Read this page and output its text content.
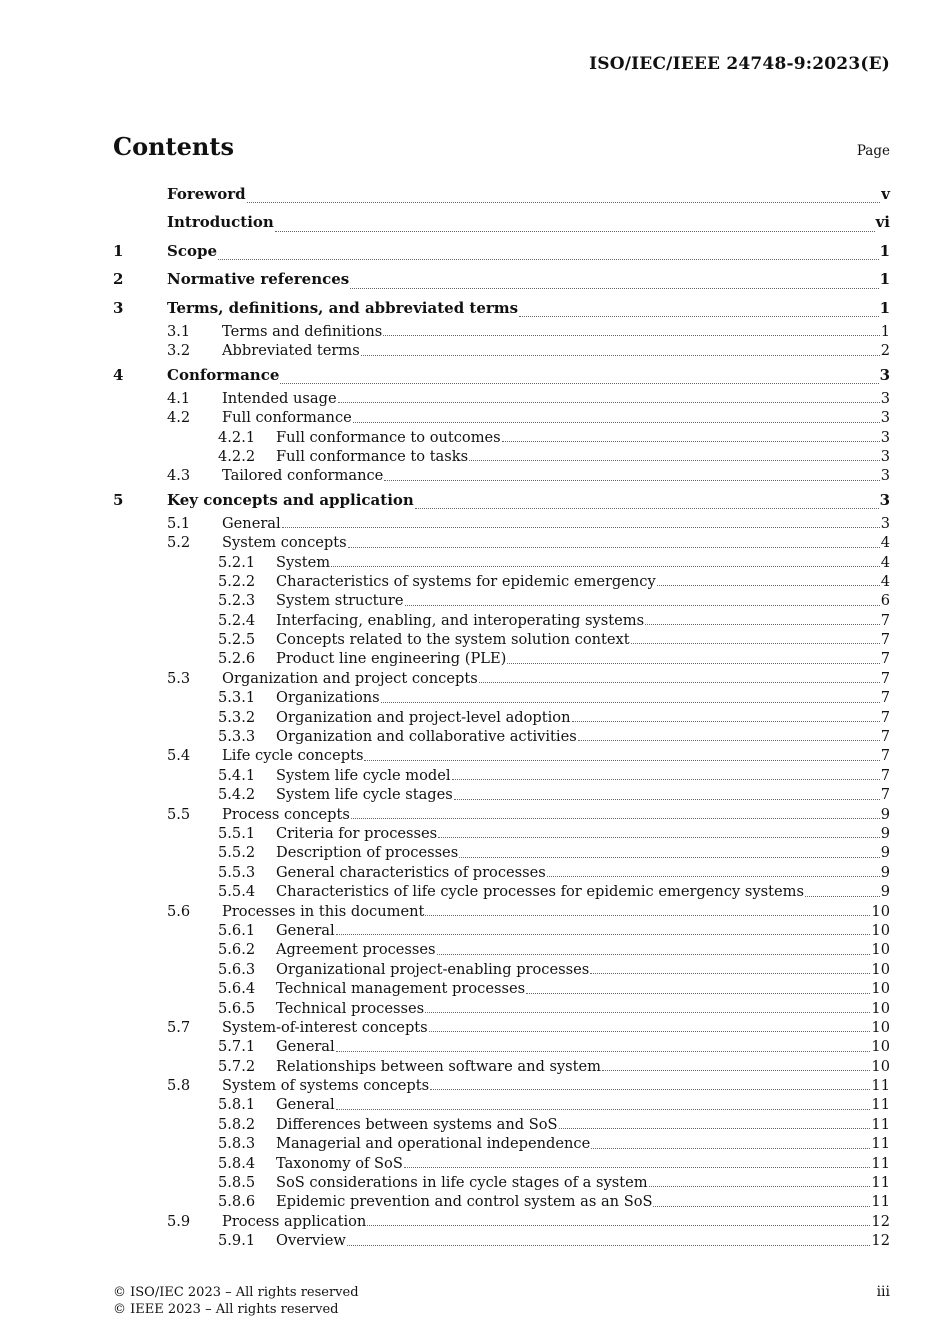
ISO/IEC/IEEE 24748-9:2023(E)
Contents	Page
Foreword	v
Introduction	vi
1	Scope	1
2	Normative references	1
3	Terms, definitions, and abbreviated terms	1
3.1	Terms and definitions	1
3.2	Abbreviated terms	2
4	Conformance	3
4.1	Intended usage	3
4.2	Full conformance	3
4.2.1	Full conformance to outcomes	3
4.2.2	Full conformance to tasks	3
4.3	Tailored conformance	3
5	Key concepts and application	3
5.1	General	3
5.2	System concepts	4
5.2.1	System	4
5.2.2	Characteristics of systems for epidemic emergency	4
5.2.3	System structure	6
5.2.4	Interfacing, enabling, and interoperating systems	7
5.2.5	Concepts related to the system solution context	7
5.2.6	Product line engineering (PLE)	7
5.3	Organization and project concepts	7
5.3.1	Organizations	7
5.3.2	Organization and project-level adoption	7
5.3.3	Organization and collaborative activities	7
5.4	Life cycle concepts	7
5.4.1	System life cycle model	7
5.4.2	System life cycle stages	7
5.5	Process concepts	9
5.5.1	Criteria for processes	9
5.5.2	Description of processes	9
5.5.3	General characteristics of processes	9
5.5.4	Characteristics of life cycle processes for epidemic emergency systems	9
5.6	Processes in this document	10
5.6.1	General	10
5.6.2	Agreement processes	10
5.6.3	Organizational project-enabling processes	10
5.6.4	Technical management processes	10
5.6.5	Technical processes	10
5.7	System-of-interest concepts	10
5.7.1	General	10
5.7.2	Relationships between software and system	10
5.8	System of systems concepts	11
5.8.1	General	11
5.8.2	Differences between systems and SoS	11
5.8.3	Managerial and operational independence	11
5.8.4	Taxonomy of SoS	11
5.8.5	SoS considerations in life cycle stages of a system	11
5.8.6	Epidemic prevention and control system as an SoS	11
5.9	Process application	12
5.9.1	Overview	12
© ISO/IEC 2023 – All rights reserved
© IEEE 2023 – All rights reserved
iii
